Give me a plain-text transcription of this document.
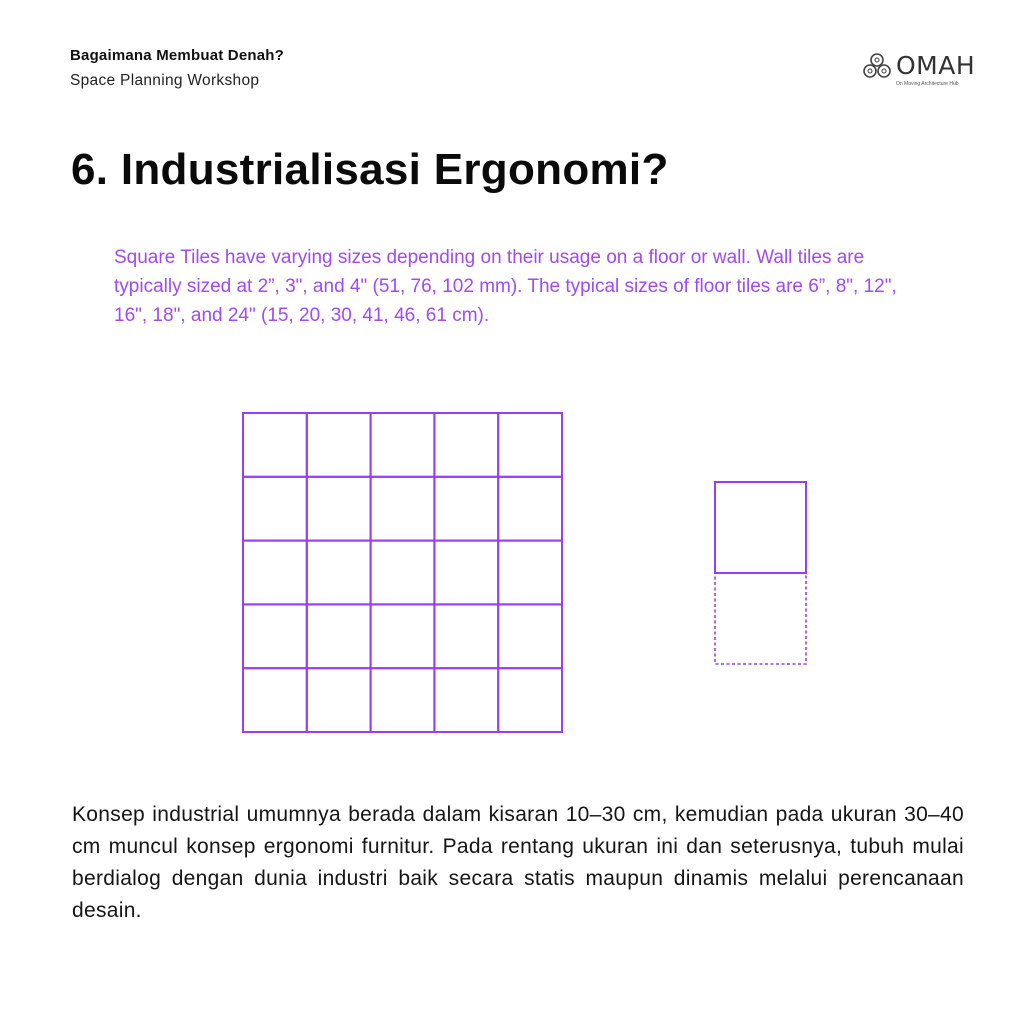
Bagaimana Membuat Denah?
Space Planning Workshop
OMAH
On Moving Architecture Hub
6. Industrialisasi Ergonomi?

Square Tiles have varying sizes depending on their usage on a floor or wall. Wall tiles are typically sized at 2”, 3", and 4" (51, 76, 102 mm). The typical sizes of floor tiles are 6”, 8", 12", 16", 18", and 24" (15, 20, 30, 41, 46, 61 cm).

Konsep industrial umumnya berada dalam kisaran 10–30 cm, kemudian pada ukuran 30–40 cm muncul konsep ergonomi furnitur. Pada rentang ukuran ini dan seterusnya, tubuh mulai berdialog dengan dunia industri baik secara statis maupun dinamis melalui perencanaan desain.
